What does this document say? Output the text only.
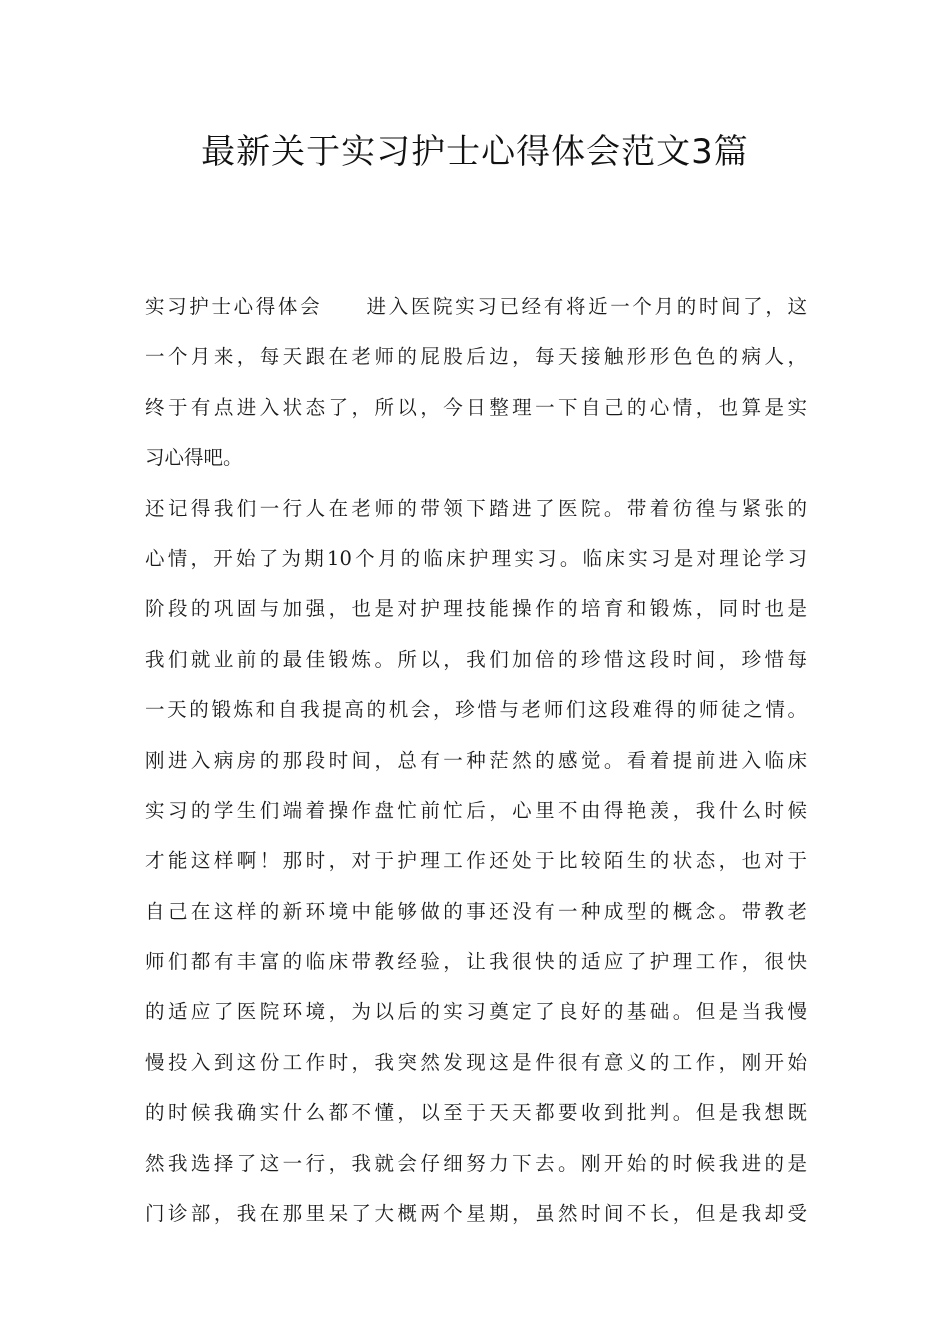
最新关于实习护士心得体会范文3篇
实习护士心得体会　　进入医院实习已经有将近一个月的时间了，这
一个月来，每天跟在老师的屁股后边，每天接触形形色色的病人，
终于有点进入状态了，所以，今日整理一下自己的心情，也算是实
习心得吧。
还记得我们一行人在老师的带领下踏进了医院。带着彷徨与紧张的
心情，开始了为期10个月的临床护理实习。临床实习是对理论学习
阶段的巩固与加强，也是对护理技能操作的培育和锻炼，同时也是
我们就业前的最佳锻炼。所以，我们加倍的珍惜这段时间，珍惜每
一天的锻炼和自我提高的机会，珍惜与老师们这段难得的师徒之情。
刚进入病房的那段时间，总有一种茫然的感觉。看着提前进入临床
实习的学生们端着操作盘忙前忙后，心里不由得艳羡，我什么时候
才能这样啊！那时，对于护理工作还处于比较陌生的状态，也对于
自己在这样的新环境中能够做的事还没有一种成型的概念。带教老
师们都有丰富的临床带教经验，让我很快的适应了护理工作，很快
的适应了医院环境，为以后的实习奠定了良好的基础。但是当我慢
慢投入到这份工作时，我突然发现这是件很有意义的工作，刚开始
的时候我确实什么都不懂，以至于天天都要收到批判。但是我想既
然我选择了这一行，我就会仔细努力下去。刚开始的时候我进的是
门诊部，我在那里呆了大概两个星期，虽然时间不长，但是我却受
